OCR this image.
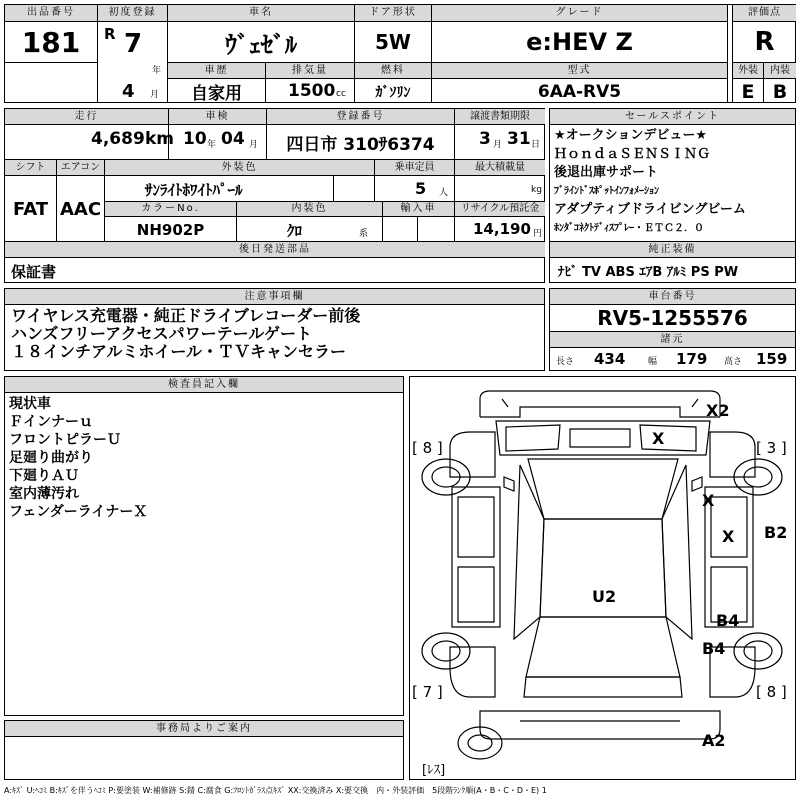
出品番号
181
初度登録
R 7
年
4 月
車名
ｳﾞｪｾﾞﾙ
車歴
自家用
排気量
1500 cc
ドア形状
5W
燃料
ｶﾞｿﾘﾝ
グレード
e:HEV Z
型式
6AA-RV5
評価点
R
外装
E
内装
B
走行
4,689 km
車検
10 年 04 月
登録番号
四日市 310ｻ6374
譲渡書類期限
3 月 31 日
シフト
FAT
エアコン
AAC
外装色
ｻﾝﾗｲﾄﾎﾜｲﾄﾊﾟｰﾙ
乗車定員
5 人
最大積載量
kg
カラーNo.
NH902P
内装色
ｸﾛ	系
輸入車	リサイクル預託金
14,190 円
後日発送部品
保証書
セールスポイント
★オークションデビュー★
ＨｏｎｄａＳＥＮＳＩＮＧ
後退出庫サポート
ﾌﾞﾗｲﾝﾄﾞｽﾎﾟｯﾄｲﾝﾌｫﾒｰｼｮﾝ
アダプティブドライビングビーム
ﾎﾝﾀﾞｺﾈｸﾄﾃﾞｨｽﾌﾟﾚｰ・ＥＴＣ２．０
純正装備
ﾅﾋﾞ TV ABS ｴｱB ｱﾙﾐ PS PW
注意事項欄
ワイヤレス充電器・純正ドライブレコーダー前後
ハンズフリーアクセスパワーテールゲート
１８インチアルミホイール・ＴＶキャンセラー
車台番号
RV5-1255576
諸元
長さ 434	幅 179 高さ 159
検査員記入欄
現状車
Ｆインナーｕ
フロントピラーＵ
足廻り曲がり
下廻りＡＵ
室内薄汚れ
フェンダーライナーＸ
事務局よりご案内
X2
X
X
X B2
U2
B4
B4
A2
[ 8 ]	[ 3 ]
[ 7 ]	[ 8 ]
[ﾚｽ]
A:ｷｽﾞ U:ﾍｺﾐ B:ｷｽﾞを伴うﾍｺﾐ P:要塗装 W:補修跡 S:錆 C:腐食 G:ﾌﾛﾝﾄｶﾞﾗｽ点ｷｽﾞ XX:交換済み X:要交換　内・外装評価　5段階ﾗﾝｸ順(A・B・C・D・E) 1
